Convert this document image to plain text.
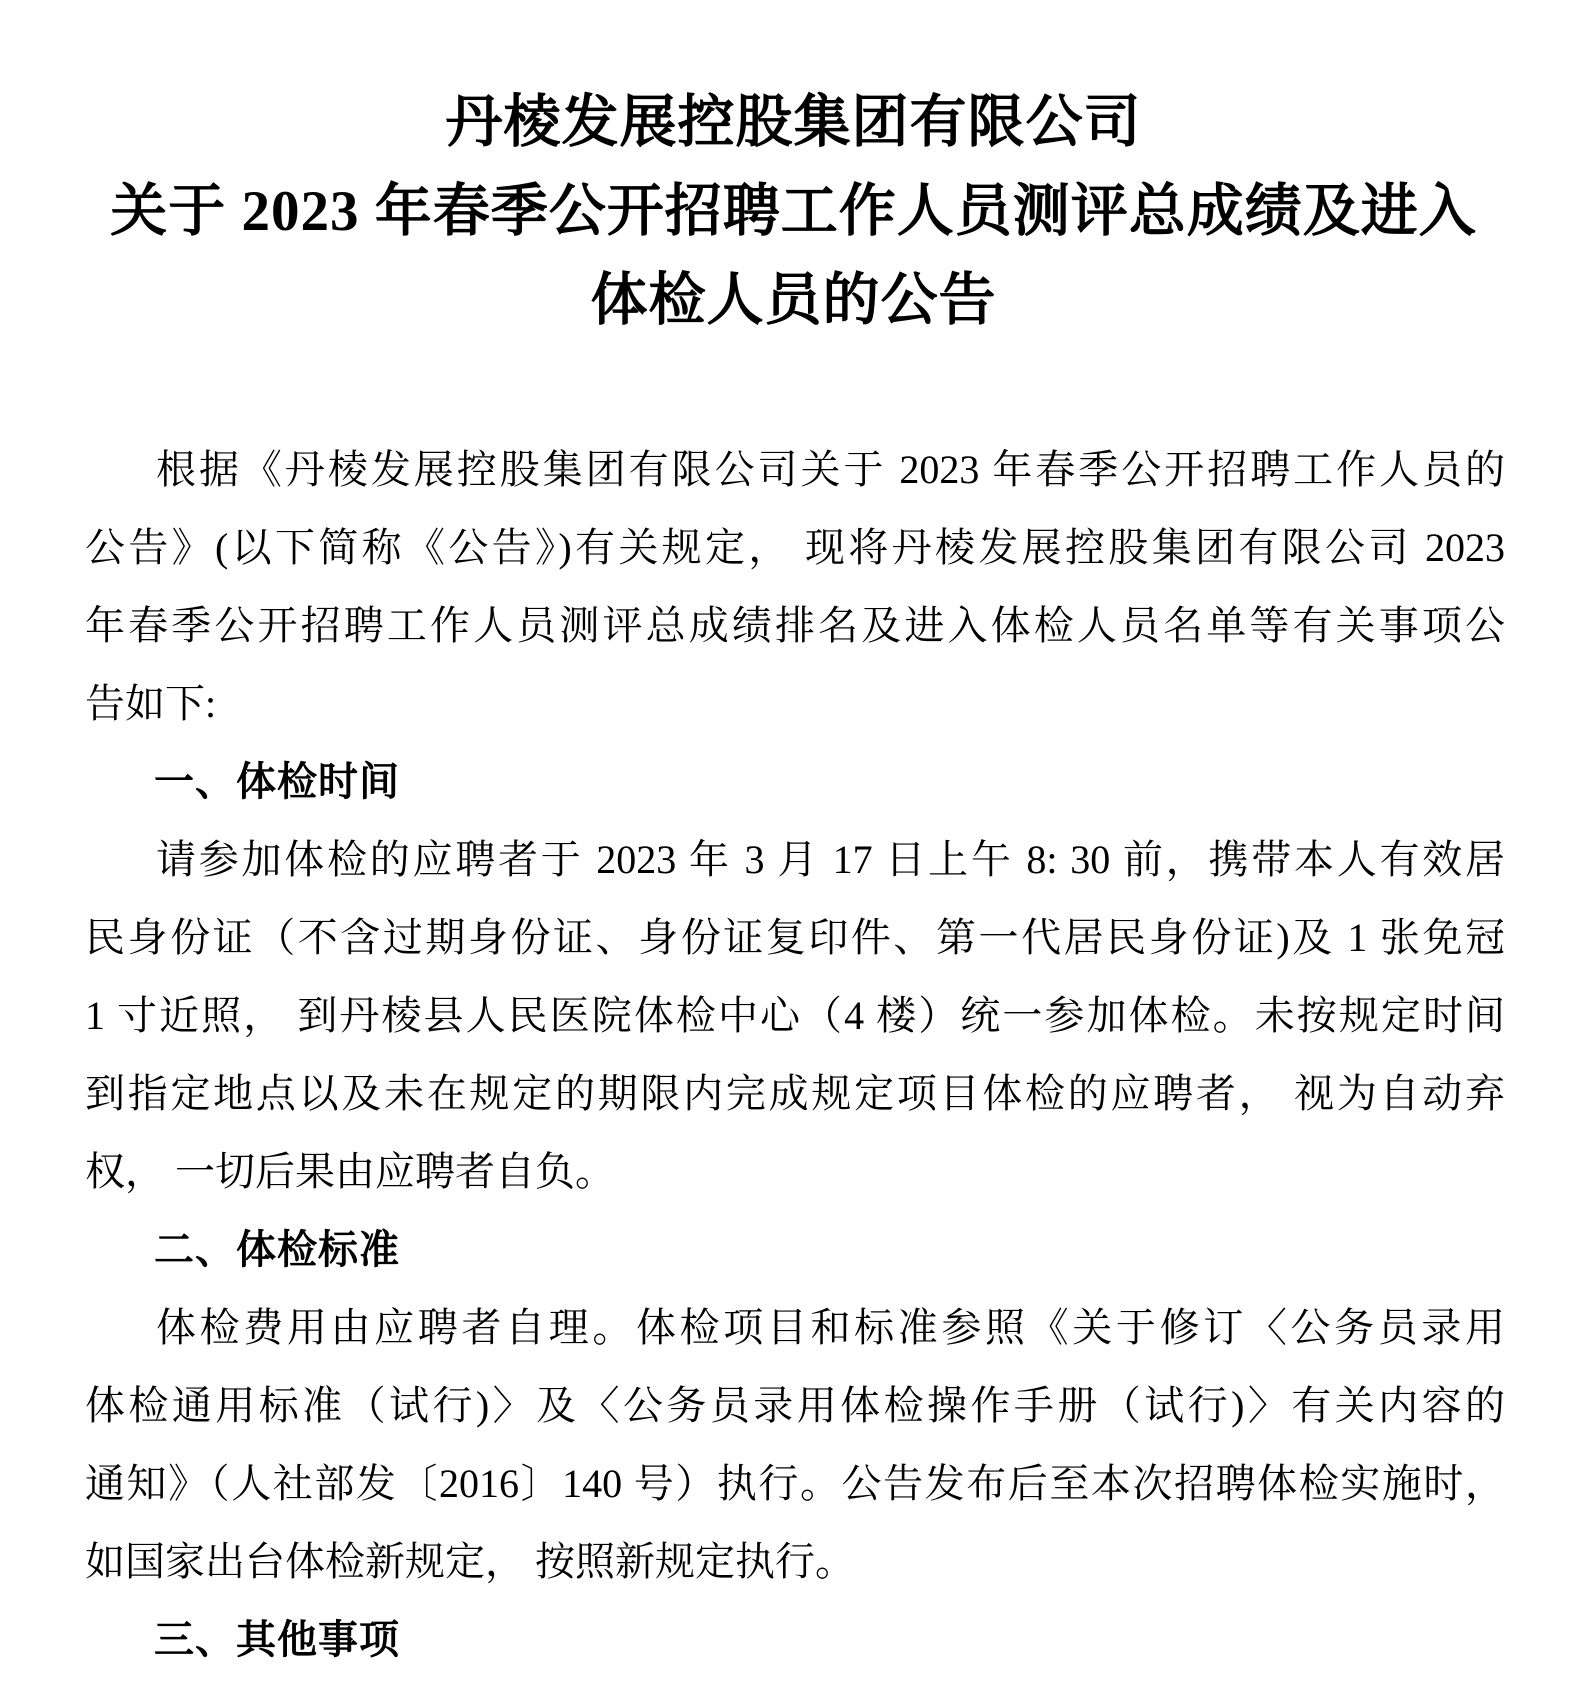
丹棱发展控股集团有限公司
关于 2023 年春季公开招聘工作人员测评总成绩及进入
体检人员的公告
根据《丹棱发展控股集团有限公司关于 2023 年春季公开招聘工作人员的
公告》(以下简称《公告》)有关规定， 现将丹棱发展控股集团有限公司 2023
年春季公开招聘工作人员测评总成绩排名及进入体检人员名单等有关事项公
告如下:
一、体检时间
请参加体检的应聘者于 2023 年 3 月 17 日上午 8: 30 前，携带本人有效居
民身份证（不含过期身份证、身份证复印件、第一代居民身份证)及 1 张免冠
1 寸近照， 到丹棱县人民医院体检中心（4 楼）统一参加体检。未按规定时间
到指定地点以及未在规定的期限内完成规定项目体检的应聘者， 视为自动弃
权， 一切后果由应聘者自负。
二、体检标准
体检费用由应聘者自理。体检项目和标准参照《关于修订〈公务员录用
体检通用标准（试行)〉及〈公务员录用体检操作手册（试行)〉有关内容的
通知》（人社部发〔2016〕140 号）执行。公告发布后至本次招聘体检实施时，
如国家出台体检新规定， 按照新规定执行。
三、其他事项
